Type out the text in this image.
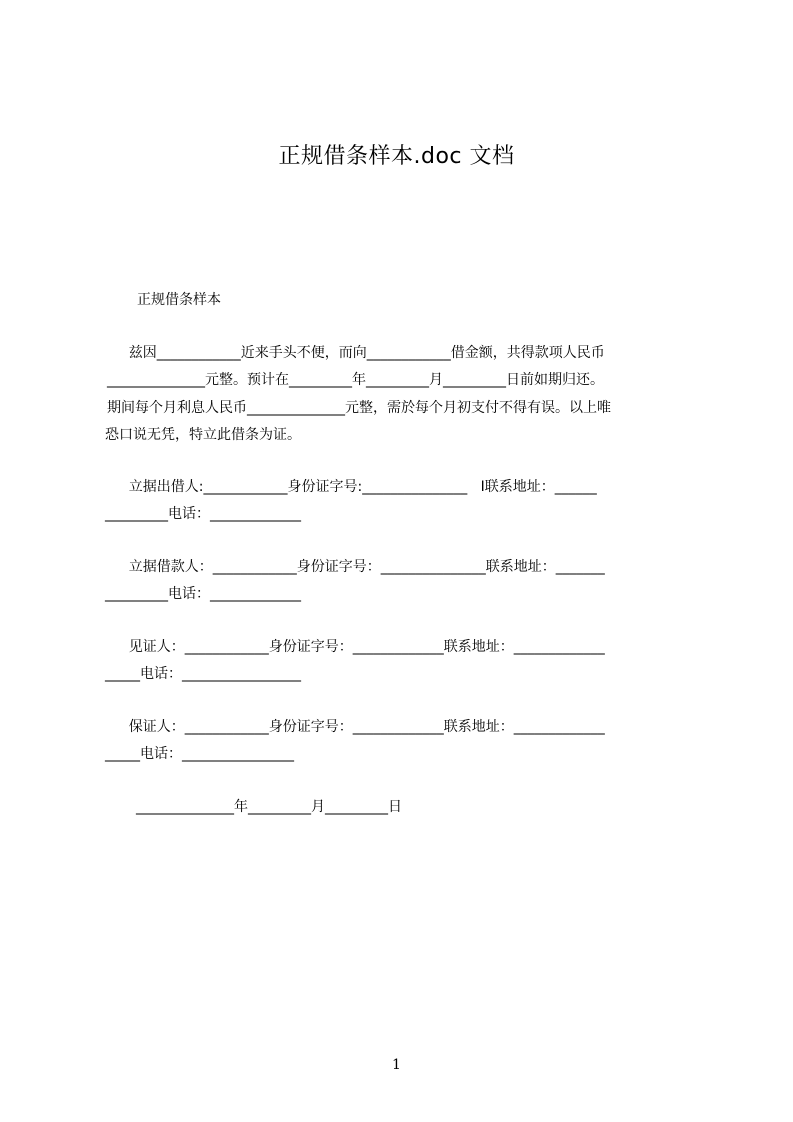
正规借条样本.doc 文档
正规借条样本

兹因____________近来手头不便，而向____________借金额，共得款项人民币

______________元整。预计在_________年_________月_________日前如期归还。

期间每个月利息人民币______________元整，需於每个月初支付不得有误。以上唯

恐口说无凭，特立此借条为证。

立据出借人:____________身份证字号:_______________   I联系地址：______

_________电话：_____________

立据借款人：____________身份证字号：_______________联系地址：_______

_________电话：_____________

见证人：____________身份证字号：_____________联系地址：_____________

_____电话：_________________

保证人：____________身份证字号：_____________联系地址：_____________

_____电话：________________

______________年_________月_________日
1
